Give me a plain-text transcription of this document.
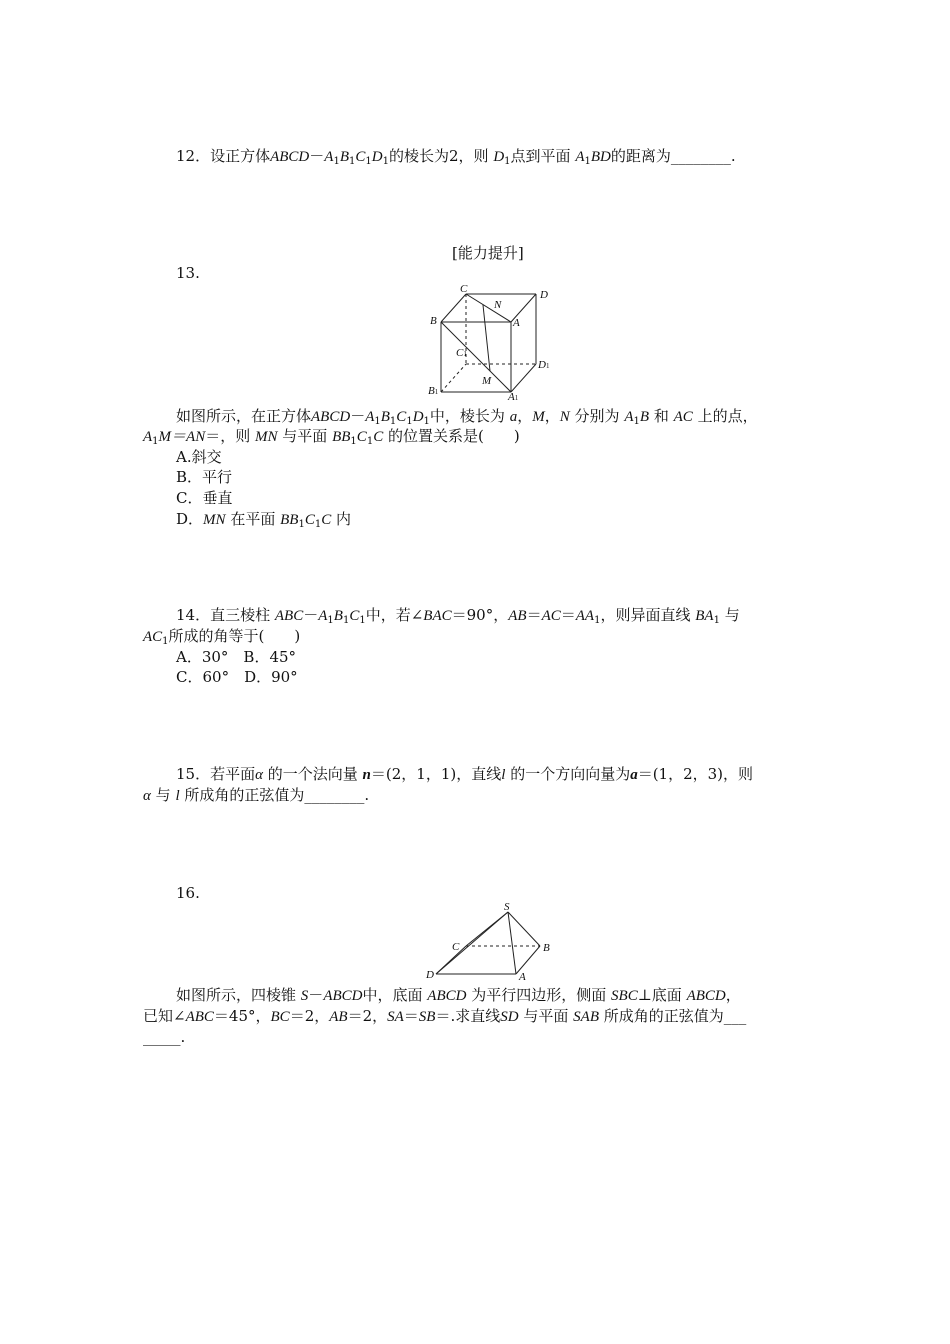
12．设正方体$ABCD-A_1B_1C_1D_1$的棱长为2，则 $D_1$点到平面 $A_1BD$的距离为________.
[能力提升]
13.
C
N
D
B	A
C1
D1
M
B1	A1
如图所示，在正方体$ABCD-A_1B_1C_1D_1$中，棱长为 a，M，N 分别为 $A_1B$ 和 AC 上的点，
$A_1M=AN=$，则 MN 与平面 $BB_1C_1C$ 的位置关系是(　　)
A.斜交
B．平行
C．垂直
D．MN 在平面 $BB_1C_1C$ 内
14．直三棱柱 $ABC-A_1B_1C_1$中，若∠BAC＝90°，$AB=AC=AA_1$，则异面直线 $BA_1$ 与
$AC_1$所成的角等于(　　)
A．30°　B．45°
C．60°　D．90°
15．若平面α 的一个法向量 n＝(2，1，1)，直线l 的一个方向向量为a＝(1，2，3)，则
α 与 l 所成角的正弦值为________.
16.
S
C	B
D	A
如图所示，四棱锥 S－ABCD中，底面 ABCD 为平行四边形，侧面 SBC⊥底面 ABCD，
已知∠ABC＝45°，BC＝2，AB＝2，SA＝SB＝.求直线SD 与平面 SAB 所成角的正弦值为___
_____.
